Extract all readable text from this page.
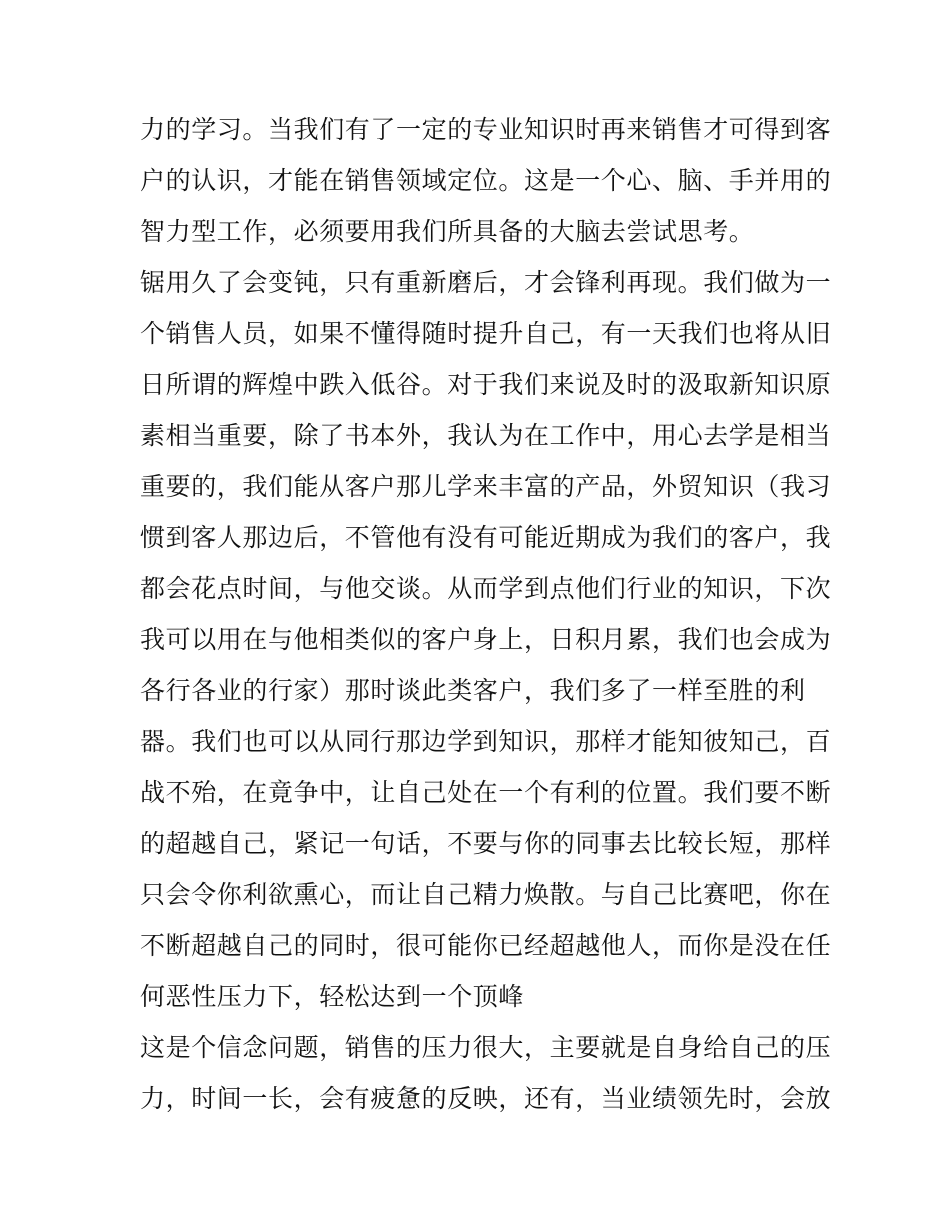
力的学习。当我们有了一定的专业知识时再来销售才可得到客
户的认识，才能在销售领域定位。这是一个心、脑、手并用的
智力型工作，必须要用我们所具备的大脑去尝试思考。
锯用久了会变钝，只有重新磨后，才会锋利再现。我们做为一
个销售人员，如果不懂得随时提升自己，有一天我们也将从旧
日所谓的辉煌中跌入低谷。对于我们来说及时的汲取新知识原
素相当重要，除了书本外，我认为在工作中，用心去学是相当
重要的，我们能从客户那儿学来丰富的产品，外贸知识（我习
惯到客人那边后，不管他有没有可能近期成为我们的客户，我
都会花点时间，与他交谈。从而学到点他们行业的知识，下次
我可以用在与他相类似的客户身上，日积月累，我们也会成为
各行各业的行家）那时谈此类客户，我们多了一样至胜的利
器。我们也可以从同行那边学到知识，那样才能知彼知己，百
战不殆，在竟争中，让自己处在一个有利的位置。我们要不断
的超越自己，紧记一句话，不要与你的同事去比较长短，那样
只会令你利欲熏心，而让自己精力焕散。与自己比赛吧，你在
不断超越自己的同时，很可能你已经超越他人，而你是没在任
何恶性压力下，轻松达到一个顶峰
这是个信念问题，销售的压力很大，主要就是自身给自己的压
力，时间一长，会有疲惫的反映，还有，当业绩领先时，会放
